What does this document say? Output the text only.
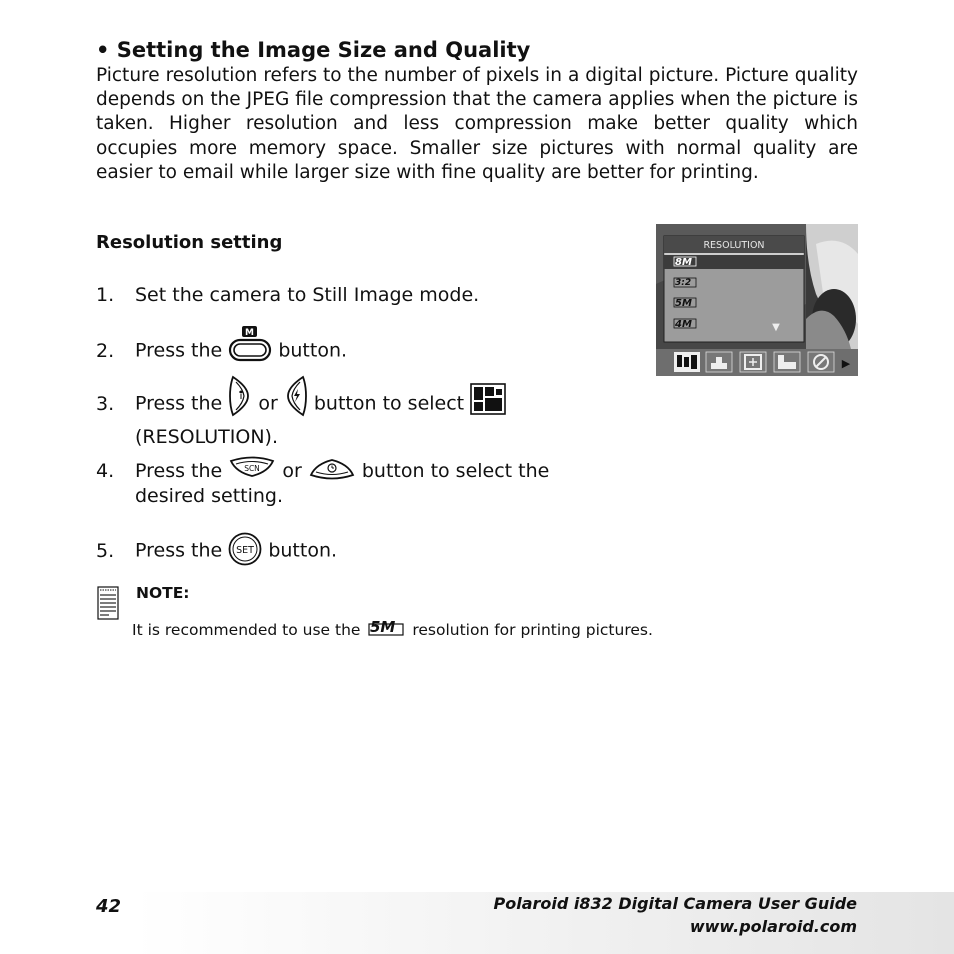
• Setting the Image Size and Quality
Picture resolution refers to the number of pixels in a digital picture. Picture quality depends on the JPEG file compression that the camera applies when the picture is taken. Higher resolution and less compression make better quality which occupies more memory space. Smaller size pictures with normal quality are easier to email while larger size with fine quality are better for printing.
Resolution setting
1. Set the camera to Still Image mode.
2. Press the
M
button.
3. Press the or button to select
(RESOLUTION).
4. Press the	SCN or	button to select the
desired setting.
5. Press the SET button.
NOTE:
It is recommended to use the 5M resolution for printing pictures.
RESOLUTION
8M
3:2
5M
4M	▼
▶
42	Polaroid i832 Digital Camera User Guide
www.polaroid.com
